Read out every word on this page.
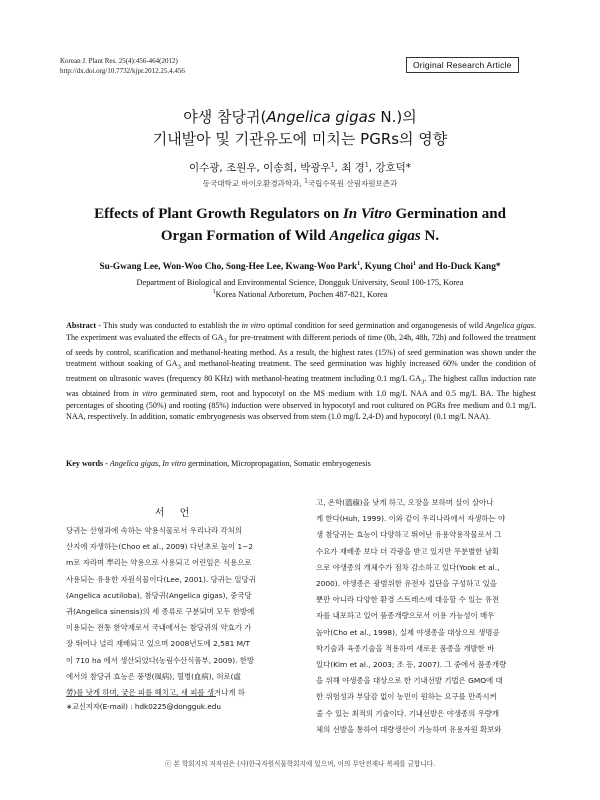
Korean J. Plant Res. 25(4):456-464(2012)
http://dx.doi.org/10.7732/kjpr.2012.25.4.456
Original Research Article
야생 참당귀(Angelica gigas N.)의
기내발아 및 기관유도에 미치는 PGRs의 영향
이수광, 조원우, 이송희, 박광우$^1$, 최 경$^1$, 강호덕*
동국대학교 바이오환경과학과, $^1$국립수목원 산림자원보존과
Effects of Plant Growth Regulators on In Vitro Germination and
Organ Formation of Wild Angelica gigas N.
Su-Gwang Lee, Won-Woo Cho, Song-Hee Lee, Kwang-Woo Park$^1$, Kyung Choi$^1$ and Ho-Duck Kang*
Department of Biological and Environmental Science, Dongguk University, Seoul 100-175, Korea
$^1$Korea National Arboretum, Pochen 487-821, Korea
Abstract - This study was conducted to establish the in vitro optimal condition for seed germination and organogenesis of wild Angelica gigas. The experiment was evaluated the effects of $GA_3$ for pre-treatment with different periods of time (0h, 24h, 48h, 72h) and followed the treatment of seeds by control, scarification and methanol-heating method. As a result, the highest rates (15%) of seed germination was shown under the treatment without soaking of $GA_3$ and methanol-heating treatment. The seed germination was highly increased 60% under the condition of treatment on ultrasonic waves (frequency 80 KHz) with methanol-heating treatment including 0.1 mg/L $GA_3$. The highest callus induction rate was obtained from in vitro germinated stem, root and hypocotyl on the MS medium with 1.0 mg/L NAA and 0.5 mg/L BA. The highest percentages of shooting (50%) and rooting (85%) induction were observed in hypocotyl and root cultured on PGRs free medium and 0.1 mg/L NAA, respectively. In addition, somatic embryogenesis was observed from stem (1.0 mg/L 2,4-D) and hypocotyl (0.1 mg/L NAA).
Key words - Angelica gigas, In vitro germination, Micropropagation, Somatic embryogenesis
서 언
당귀는 산형과에 속하는 약용식물로서 우리나라 각처의
산지에 자생하는(Choo et al., 2009) 다년초로 높이 1∼2
m로 자라며 뿌리는 약용으로 사용되고 어린잎은 식용으로
사용되는 유용한 자원식물이다(Lee, 2001). 당귀는 일당귀
(Angelica acutiloba), 참당귀(Angelica gigas), 중국당
귀(Angelica sinensis)의 세 종류로 구분되며 모두 한방에
이용되는 전통 한약재로서 국내에서는 참당귀의 약효가 가
장 뛰어나 널리 재배되고 있으며 2008년도에 2,581 M/T
이 710 ha 에서 생산되었다(농림수산식품부, 2009). 한방
에서의 참당귀 효능은 풍병(風病), 혈병(血病), 허로(虛
勞)를 낫게 하며, 궂은 피를 헤치고, 새 피를 생겨나게 하
고, 온학(溫瘧)을 낫게 하고, 오장을 보하며 살이 살아나
게 한다(Huh, 1999). 이와 같이 우리나라에서 자생하는 야
생 참당귀는 효능이 다양하고 뛰어난 유용약용작물로서 그
수요가 재배종 보다 더 각광을 받고 있지만 무분별한 남획
으로 야생종의 개체수가 점차 감소하고 있다(Yook et al.,
2000). 야생종은 광범위한 유전자 집단을 구성하고 있을
뿐만 아니라 다양한 환경 스트레스에 대응할 수 있는 유전
자를 내포하고 있어 품종개량으로서 이용 가능성이 매우
높아(Cho et al., 1998), 실제 야생종을 대상으로 생명공
학기술과 육종기술을 적용하여 새로운 품종을 개발한 바
있다(Kim et al., 2003; 조 등, 2007). 그 중에서 품종개량
을 위해 야생종을 대상으로 한 기내선발 기법은 GMO에 대
한 위험성과 부담감 없이 농민이 원하는 요구를 만족시켜
줄 수 있는 최적의 기술이다. 기내선발은 야생종의 우량개
체의 선발을 통하여 대량생산이 가능하며 유용자원 확보와
∗교신저자(E-mail) : hdk0225@dongguk.edu
ⓒ 본 학회지의 저작권은 (사)한국자원식물학회지에 있으며, 이의 무단전재나 복제를 금합니다.
